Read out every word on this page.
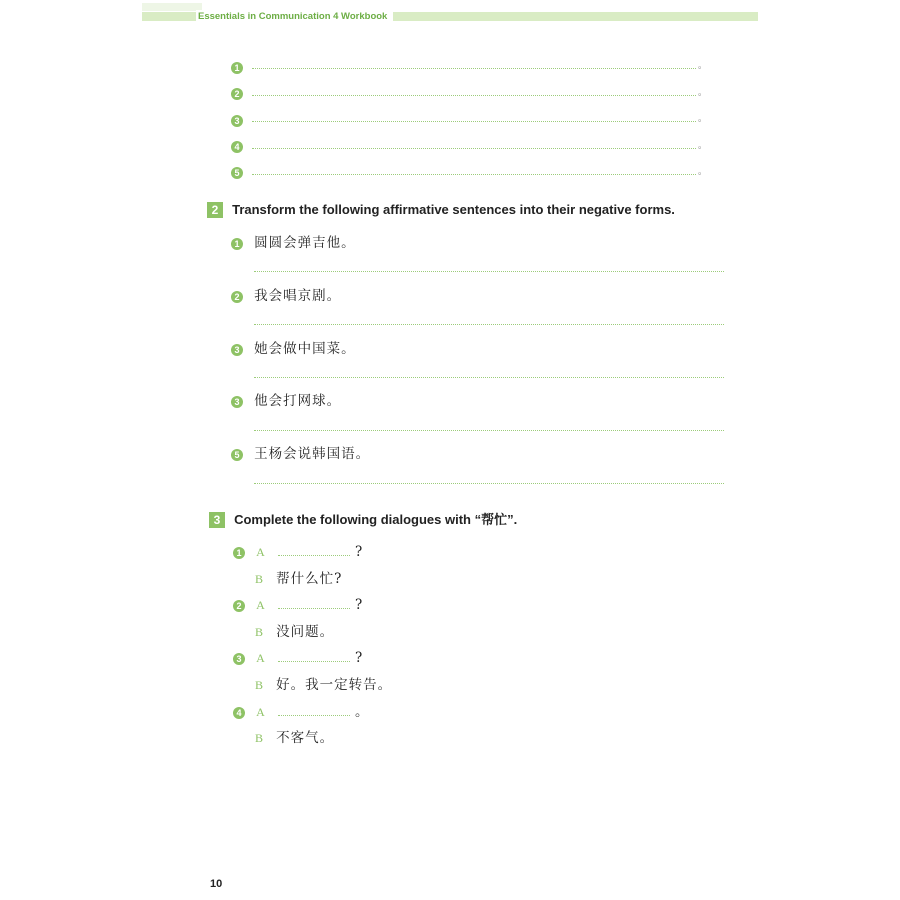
Essentials in Communication 4 Workbook
1	。
2	。
3	。
4	。
5	。
2 Transform the following affirmative sentences into their negative forms.
1 圆圆会弹吉他。
2 我会唱京剧。
3 她会做中国菜。
3 他会打网球。
5 王杨会说韩国语。
3 Complete the following dialogues with “帮忙”.
1 A	?
B 帮什么忙?
2 A	?
B 没问题。
3 A	?
B 好。我一定转告。
4 A	。
B 不客气。
10
